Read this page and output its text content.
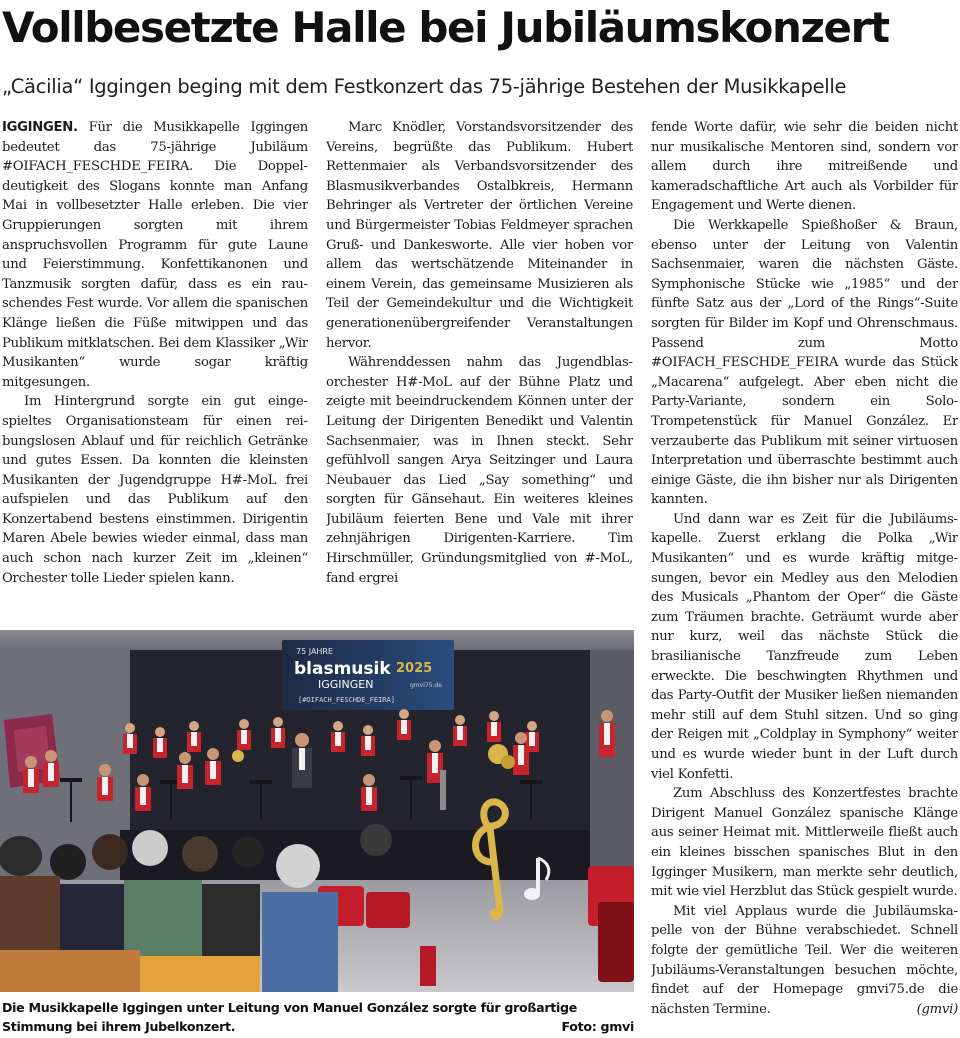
Vollbesetzte Halle bei Jubiläumskonzert
„Cäcilia“ Iggingen beging mit dem Festkonzert das 75-jährige Bestehen der Musikkapelle

IGGINGEN. Für die Musikkapelle Iggingen bedeutet das 75-jährige Jubiläum #OIFACH_FESCHDE_FEIRA. Die Doppeldeutigkeit des Slogans konnte man Anfang Mai in vollbesetzter Halle erleben. Die vier Gruppierungen sorgten mit ihrem anspruchsvollen Programm für gute Laune und Feierstimmung. Konfettikanonen und Tanzmusik sorgten dafür, dass es ein rauschendes Fest wurde. Vor allem die spanischen Klänge ließen die Füße mitwippen und das Publikum mitklatschen. Bei dem Klassiker „Wir Musikanten“ wurde sogar kräftig mitgesungen.

Im Hintergrund sorgte ein gut eingespieltes Organisationsteam für einen reibungslosen Ablauf und für reichlich Getränke und gutes Essen. Da konnten die kleinsten Musikanten der Jugendgruppe H#-MoL frei aufspielen und das Publikum auf den Konzertabend bestens einstimmen. Dirigentin Maren Abele bewies wieder einmal, dass man auch schon nach kurzer Zeit im „kleinen“ Orchester tolle Lieder spielen kann.

Marc Knödler, Vorstandsvorsitzender des Vereins, begrüßte das Publikum. Hubert Rettenmaier als Verbandsvorsitzender des Blasmusikverbandes Ostalbkreis, Hermann Behringer als Vertreter der örtlichen Vereine und Bürgermeister Tobias Feldmeyer sprachen Gruß- und Dankesworte. Alle vier hoben vor allem das wertschätzende Miteinander in einem Verein, das gemeinsame Musizieren als Teil der Gemeindekultur und die Wichtigkeit generationenübergreifender Veranstaltungen hervor.

Währenddessen nahm das Jugendblasorchester H#-MoL auf der Bühne Platz und zeigte mit beeindruckendem Können unter der Leitung der Dirigenten Benedikt und Valentin Sachsenmaier, was in Ihnen steckt. Sehr gefühlvoll sangen Arya Seitzinger und Laura Neubauer das Lied „Say something“ und sorgten für Gänsehaut. Ein weiteres kleines Jubiläum feierten Bene und Vale mit ihrer zehnjährigen Dirigenten-Karriere. Tim Hirschmüller, Gründungsmitglied von #-MoL, fand ergrei

fende Worte dafür, wie sehr die beiden nicht nur musikalische Mentoren sind, sondern vor allem durch ihre mitreißende und kameradschaftliche Art auch als Vorbilder für Engagement und Werte dienen.

Die Werkkapelle Spießhoßer & Braun, ebenso unter der Leitung von Valentin Sachsenmaier, waren die nächsten Gäste. Symphonische Stücke wie „1985“ und der fünfte Satz aus der „Lord of the Rings“-Suite sorgten für Bilder im Kopf und Ohrenschmaus. Passend zum Motto #OIFACH_FESCHDE_FEIRA wurde das Stück „Macarena“ aufgelegt. Aber eben nicht die Party-Variante, sondern ein Solo-Trompetenstück für Manuel González. Er verzauberte das Publikum mit seiner virtuosen Interpretation und überraschte bestimmt auch einige Gäste, die ihn bisher nur als Dirigenten kannten.

Und dann war es Zeit für die Jubiläumskapelle. Zuerst erklang die Polka „Wir Musikanten“ und es wurde kräftig mitgesungen, bevor ein Medley aus den Melodien des Musicals „Phantom der Oper“ die Gäste zum Träumen brachte. Geträumt wurde aber nur kurz, weil das nächste Stück die brasilianische Tanzfreude zum Leben erweckte. Die beschwingten Rhythmen und das Party-Outfit der Musiker ließen niemanden mehr still auf dem Stuhl sitzen. Und so ging der Reigen mit „Coldplay in Symphony“ weiter und es wurde wieder bunt in der Luft durch viel Konfetti.

Zum Abschluss des Konzertfestes brachte Dirigent Manuel González spanische Klänge aus seiner Heimat mit. Mittlerweile fließt auch ein kleines bisschen spanisches Blut in den Igginger Musikern, man merkte sehr deutlich, mit wie viel Herzblut das Stück gespielt wurde.

Mit viel Applaus wurde die Jubiläumskapelle von der Bühne verabschiedet. Schnell folgte der gemütliche Teil. Wer die weiteren Jubiläums-Veranstaltungen besuchen möchte, findet auf der Homepage gmvi75.de die nächsten Termine.	(gmvi)

75 JAHRE
blasmusik 2025
IGGINGEN
[#OIFACH_FESCHDE_FEIRA]
gmvi75.de
Die Musikkapelle Iggingen unter Leitung von Manuel González sorgte für großartige Stimmung bei ihrem Jubelkonzert.	Foto: gmvi
